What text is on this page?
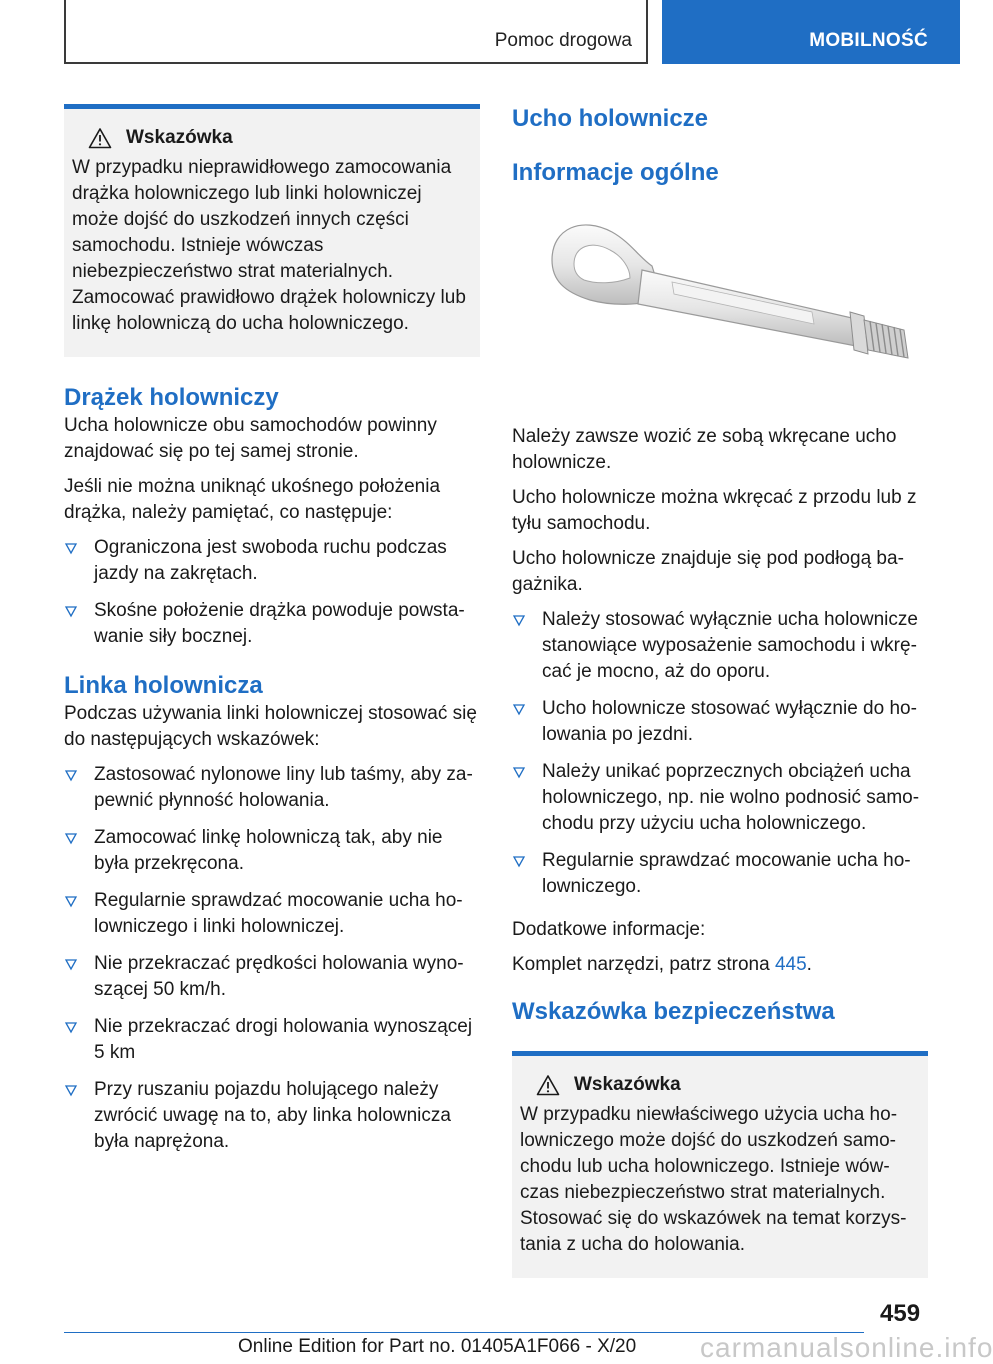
Pomoc drogowa	MOBILNOŚĆ
Wskazówka
W przypadku nieprawidłowego zamocowania drążka holowniczego lub linki holowniczej może dojść do uszkodzeń innych części samochodu. Istnieje wówczas niebezpieczeństwo strat materialnych. Zamocować prawidłowo drążek holowniczy lub linkę holowniczą do ucha holowniczego.
Drążek holowniczy

Ucha holownicze obu samochodów powinny znajdować się po tej samej stronie.

Jeśli nie można uniknąć ukośnego położenia drążka, należy pamiętać, co następuje:

Ograniczona jest swoboda ruchu podczas jazdy na zakrętach.
Skośne położenie drążka powoduje powstawanie siły bocznej.
Linka holownicza

Podczas używania linki holowniczej stosować się do następujących wskazówek:

Zastosować nylonowe liny lub taśmy, aby zapewnić płynność holowania.
Zamocować linkę holowniczą tak, aby nie była przekręcona.
Regularnie sprawdzać mocowanie ucha holowniczego i linki holowniczej.
Nie przekraczać prędkości holowania wynoszącej 50 km/h.
Nie przekraczać drogi holowania wynoszącej 5 km
Przy ruszaniu pojazdu holującego należy zwrócić uwagę na to, aby linka holownicza była naprężona.
Ucho holownicze
Informacje ogólne

Należy zawsze wozić ze sobą wkręcane ucho holownicze.

Ucho holownicze można wkręcać z przodu lub z tyłu samochodu.

Ucho holownicze znajduje się pod podłogą bagażnika.

Należy stosować wyłącznie ucha holownicze stanowiące wyposażenie samochodu i wkręcać je mocno, aż do oporu.
Ucho holownicze stosować wyłącznie do holowania po jezdni.
Należy unikać poprzecznych obciążeń ucha holowniczego, np. nie wolno podnosić samochodu przy użyciu ucha holowniczego.
Regularnie sprawdzać mocowanie ucha holowniczego.

Dodatkowe informacje:

Komplet narzędzi, patrz strona 445.

Wskazówka bezpieczeństwa
Wskazówka
W przypadku niewłaściwego użycia ucha holowniczego może dojść do uszkodzeń samochodu lub ucha holowniczego. Istnieje wówczas niebezpieczeństwo strat materialnych. Stosować się do wskazówek na temat korzystania z ucha do holowania.
459
Online Edition for Part no. 01405A1F066 - X/20 carmanualsonline.info
